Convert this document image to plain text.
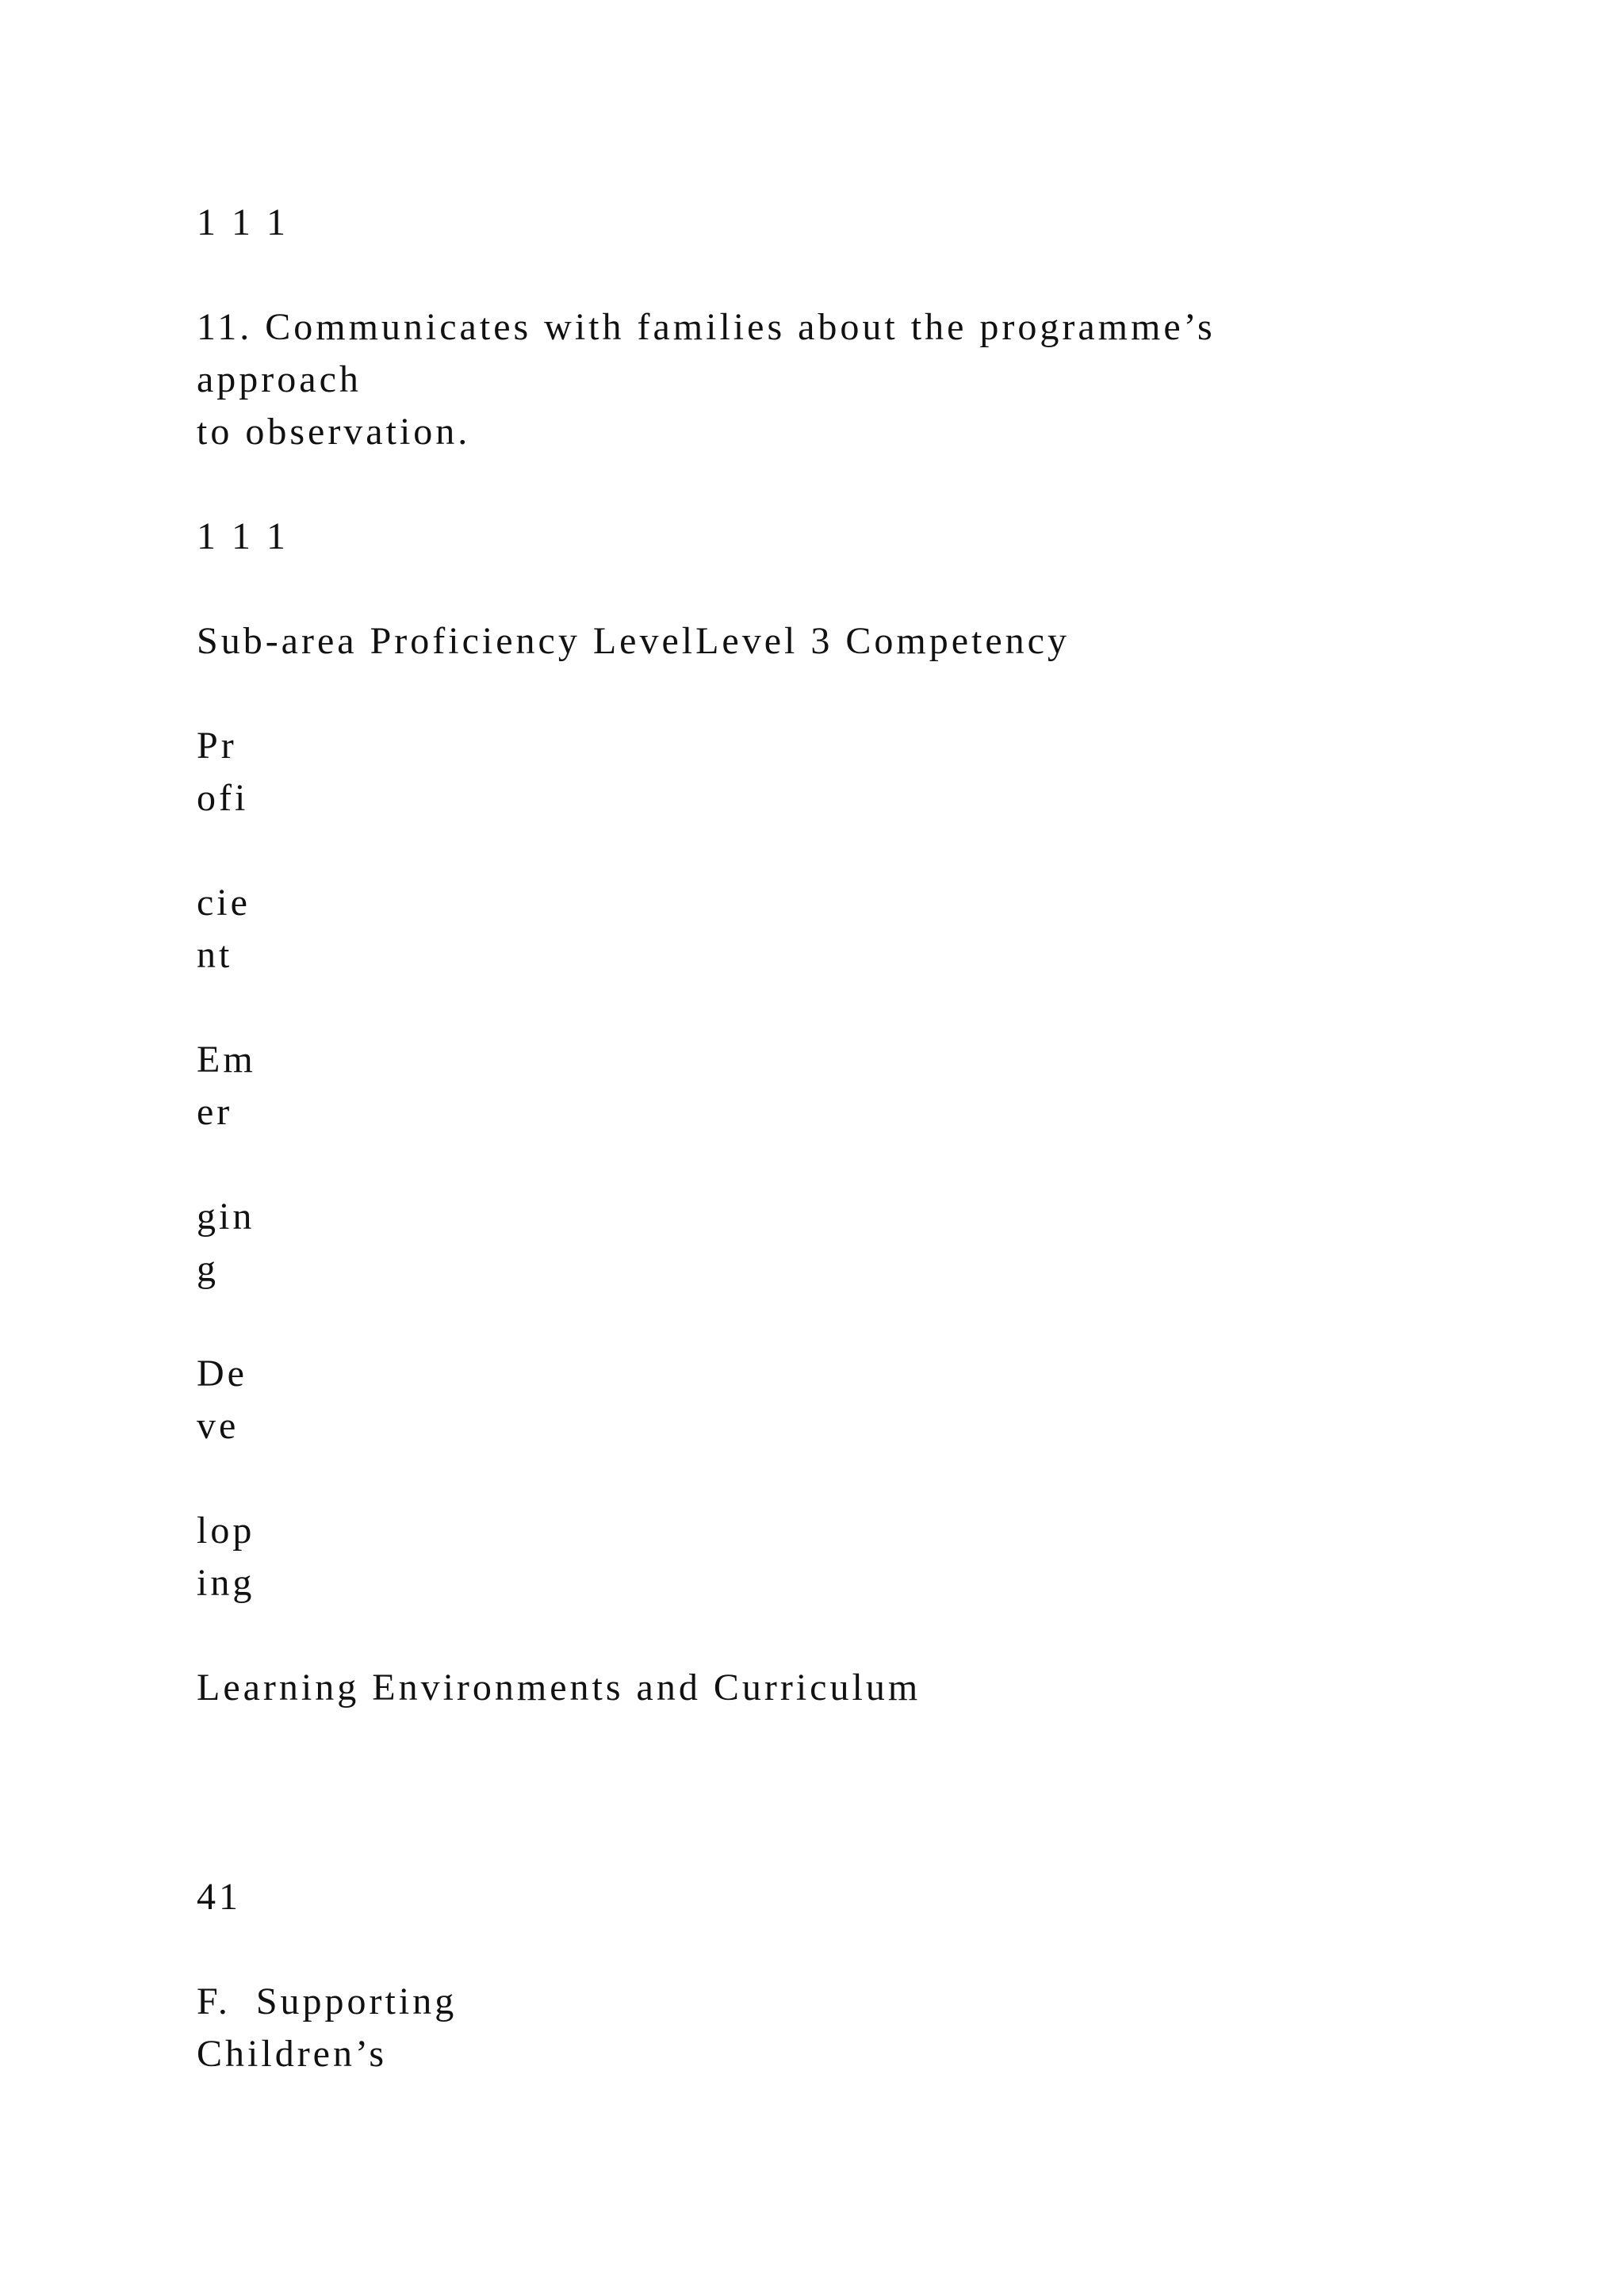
1 1 1

11. Communicates with families about the programme’s

approach

to observation.

1 1 1

Sub-area Proficiency LevelLevel 3 Competency

Pr

ofi

cie

nt

Em

er

gin

g

De

ve

lop

ing

Learning Environments and Curriculum

41

F.  Supporting

Children’s
